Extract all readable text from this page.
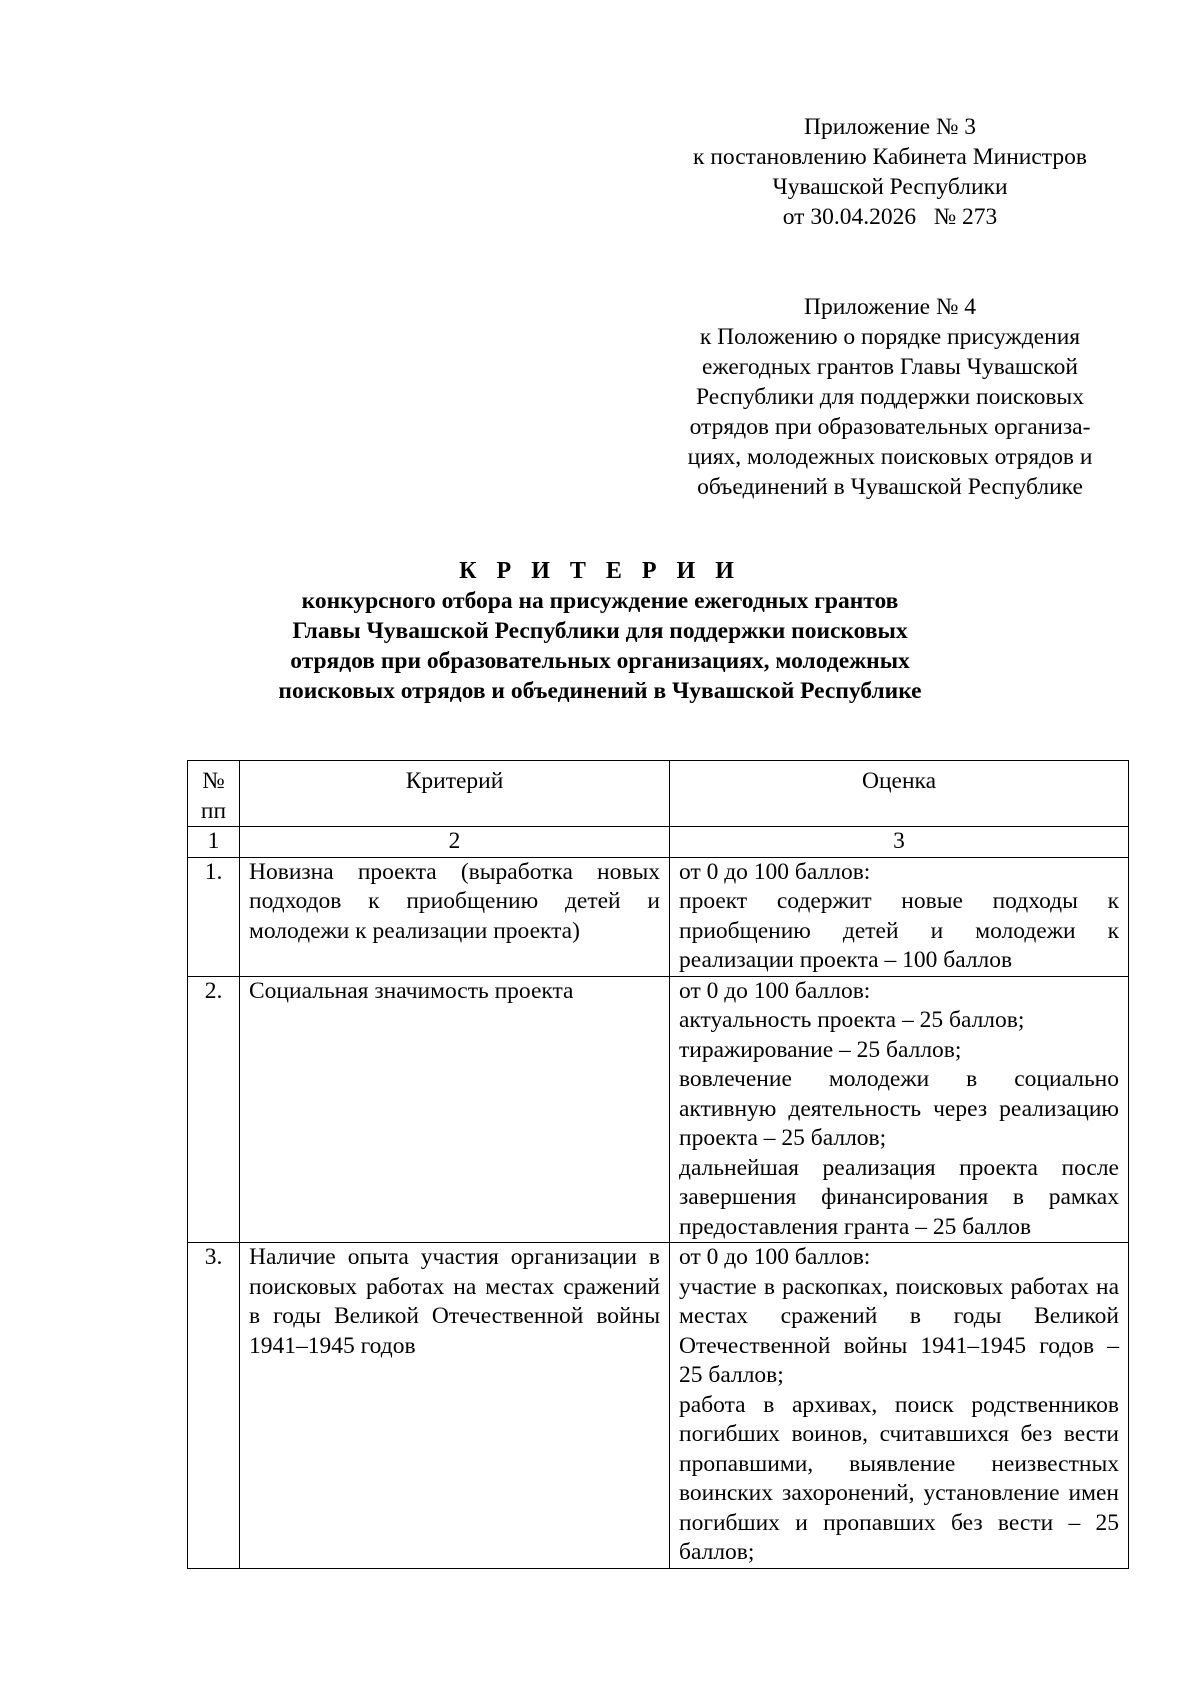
Приложение № 3
к постановлению Кабинета Министров
Чувашской Республики
от 30.04.2026   № 273
Приложение № 4
к Положению о порядке присуждения
ежегодных грантов Главы Чувашской
Республики для поддержки поисковых
отрядов при образовательных организа-
циях, молодежных поисковых отрядов и
объединений в Чувашской Республике
К Р И Т Е Р И И
конкурсного отбора на присуждение ежегодных грантов
Главы Чувашской Республики для поддержки поисковых
отрядов при образовательных организациях, молодежных
поисковых отрядов и объединений в Чувашской Республике
№ пп	Критерий	Оценка
1	2	3
1.	Новизна проекта (выработка новых подходов к приобщению детей и молодежи к реализации проекта)	от 0 до 100 баллов:
проект содержит новые подходы к приобщению детей и молодежи к реализации проекта – 100 баллов

2.	Социальная значимость проекта	от 0 до 100 баллов:
актуальность проекта – 25 баллов;
тиражирование – 25 баллов;
вовлечение молодежи в социально активную деятельность через реализацию проекта – 25 баллов;
дальнейшая реализация проекта после завершения финансирования в рамках предоставления гранта – 25 баллов

3.	Наличие опыта участия организации в поисковых работах на местах сражений в годы Великой Отечественной войны 1941–1945 годов	от 0 до 100 баллов:
участие в раскопках, поисковых работах на местах сражений в годы Великой Отечественной войны 1941–1945 годов – 25 баллов;
работа в архивах, поиск родственников погибших воинов, считавшихся без вести пропавшими, выявление неизвестных воинских захоронений, установление имен погибших и пропавших без вести – 25 баллов;
